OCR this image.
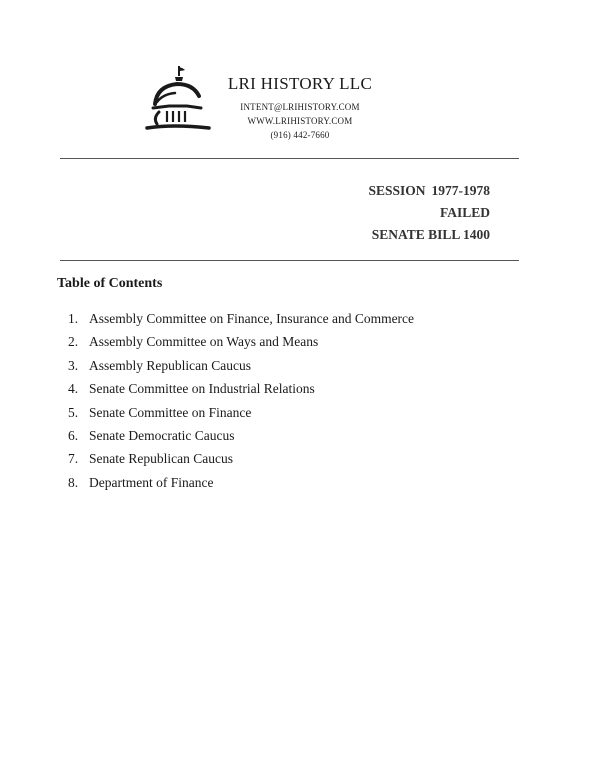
LRI HISTORY LLC
INTENT@LRIHISTORY.COM
WWW.LRIHISTORY.COM
(916) 442-7660
SESSION 1977-1978
FAILED
SENATE BILL 1400
Table of Contents
1. Assembly Committee on Finance, Insurance and Commerce
2. Assembly Committee on Ways and Means
3. Assembly Republican Caucus
4. Senate Committee on Industrial Relations
5. Senate Committee on Finance
6. Senate Democratic Caucus
7. Senate Republican Caucus
8. Department of Finance
